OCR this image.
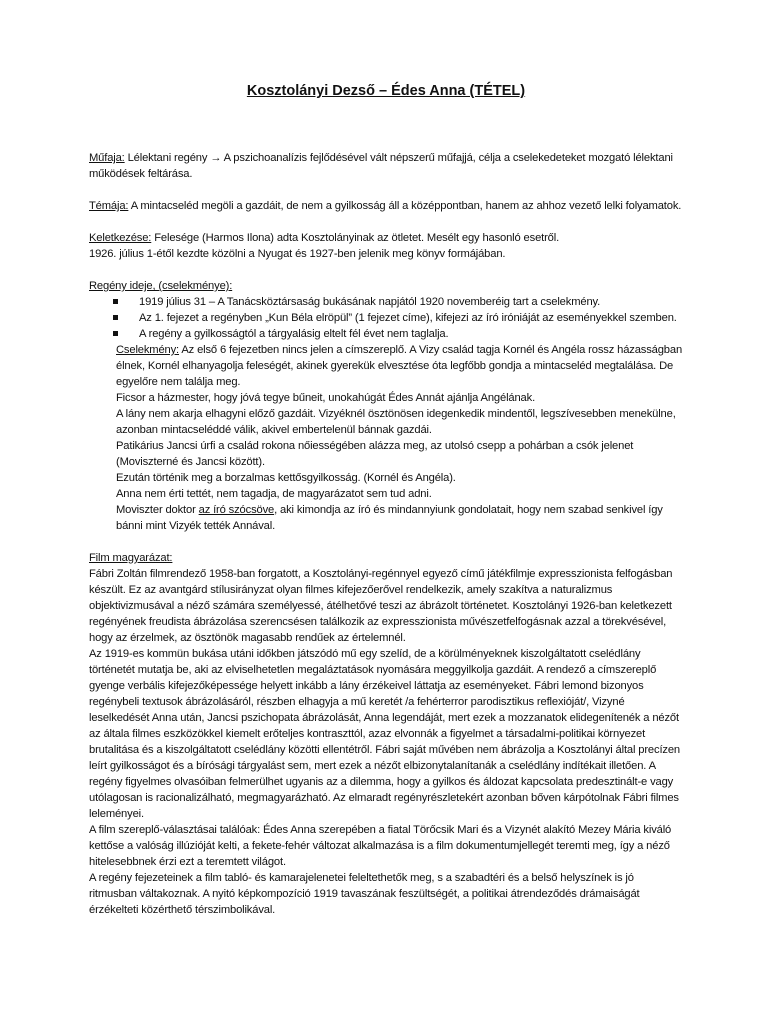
Kosztolányi Dezső – Édes Anna (TÉTEL)
Műfaja: Lélektani regény → A pszichoanalízis fejlődésével vált népszerű műfajjá, célja a cselekedeteket mozgató lélektani működések feltárása.
Témája: A mintacseléd megöli a gazdáit, de nem a gyilkosság áll a középpontban, hanem az ahhoz vezető lelki folyamatok.
Keletkezése: Felesége (Harmos Ilona) adta Kosztolányinak az ötletet. Mesélt egy hasonló esetről.
1926. július 1-étől kezdte közölni a Nyugat és 1927-ben jelenik meg könyv formájában.
Regény ideje, (cselekménye):
1919 július 31 – A Tanácsköztársaság bukásának napjától 1920 novemberéig tart a cselekmény.
Az 1. fejezet a regényben „Kun Béla elröpül” (1 fejezet címe), kifejezi az író iróniáját az eseményekkel szemben.
A regény a gyilkosságtól a tárgyalásig eltelt fél évet nem taglalja.
Cselekmény: Az első 6 fejezetben nincs jelen a címszereplő. A Vizy család tagja Kornél és Angéla rossz házasságban élnek, Kornél elhanyagolja feleségét, akinek gyerekük elvesztése óta legfőbb gondja a mintacseléd megtalálása. De egyelőre nem találja meg.
Ficsor a házmester, hogy jóvá tegye bűneit, unokahúgát Édes Annát ajánlja Angélának.
A lány nem akarja elhagyni előző gazdáit. Vizyéknél ösztönösen idegenkedik mindentől, legszívesebben menekülne, azonban mintacseléddé válik, akivel embertelenül bánnak gazdái.
Patikárius Jancsi úrfi a család rokona nőiességében alázza meg, az utolsó csepp a pohárban a csók jelenet (Moviszterné és Jancsi között).
Ezután történik meg a borzalmas kettősgyilkosság. (Kornél és Angéla).
Anna nem érti tettét, nem tagadja, de magyarázatot sem tud adni.
Moviszter doktor az író szócsöve, aki kimondja az író és mindannyiunk gondolatait, hogy nem szabad senkivel így bánni mint Vizyék tették Annával.
Film magyarázat:

Fábri Zoltán filmrendező 1958-ban forgatott, a Kosztolányi-regénnyel egyező című játékfilmje expresszionista felfogásban készült. Ez az avantgárd stílusirányzat olyan filmes kifejezőerővel rendelkezik, amely szakítva a naturalizmus objektivizmusával a néző számára személyessé, átélhetővé teszi az ábrázolt történetet. Kosztolányi 1926-ban keletkezett regényének freudista ábrázolása szerencsésen találkozik az expresszionista művészetfelfogásnak azzal a törekvésével, hogy az érzelmek, az ösztönök magasabb rendűek az értelemnél.

Az 1919-es kommün bukása utáni időkben játszódó mű egy szelíd, de a körülményeknek kiszolgáltatott cselédlány történetét mutatja be, aki az elviselhetetlen megaláztatások nyomására meggyilkolja gazdáit. A rendező a címszereplő gyenge verbális kifejezőképessége helyett inkább a lány érzékeivel láttatja az eseményeket. Fábri lemond bizonyos regénybeli textusok ábrázolásáról, részben elhagyja a mű keretét /a fehérterror parodisztikus reflexióját/, Vizyné leselkedését Anna után, Jancsi pszichopata ábrázolását, Anna legendáját, mert ezek a mozzanatok elidegenítenék a nézőt az általa filmes eszközökkel kiemelt erőteljes kontraszttól, azaz elvonnák a figyelmet a társadalmi-politikai környezet brutalitása és a kiszolgáltatott cselédlány közötti ellentétről. Fábri saját művében nem ábrázolja a Kosztolányi által precízen leírt gyilkosságot és a bírósági tárgyalást sem, mert ezek a nézőt elbizonytalanítanák a cselédlány indítékait illetően. A regény figyelmes olvasóiban felmerülhet ugyanis az a dilemma, hogy a gyilkos és áldozat kapcsolata predesztinált-e vagy utólagosan is racionalizálható, megmagyarázható. Az elmaradt regényrészletekért azonban bőven kárpótolnak Fábri filmes leleményei.

A film szereplő-választásai találóak: Édes Anna szerepében a fiatal Törőcsik Mari és a Vizynét alakító Mezey Mária kiváló kettőse a valóság illúzióját kelti, a fekete-fehér változat alkalmazása is a film dokumentumjellegét teremti meg, így a néző hitelesebbnek érzi ezt a teremtett világot.

A regény fejezeteinek a film tabló- és kamarajelenetei feleltethetők meg, s a szabadtéri és a belső helyszínek is jó ritmusban váltakoznak. A nyitó képkompozíció 1919 tavaszának feszültségét, a politikai átrendeződés drámaiságát érzékelteti közérthető térszimbolikával.
